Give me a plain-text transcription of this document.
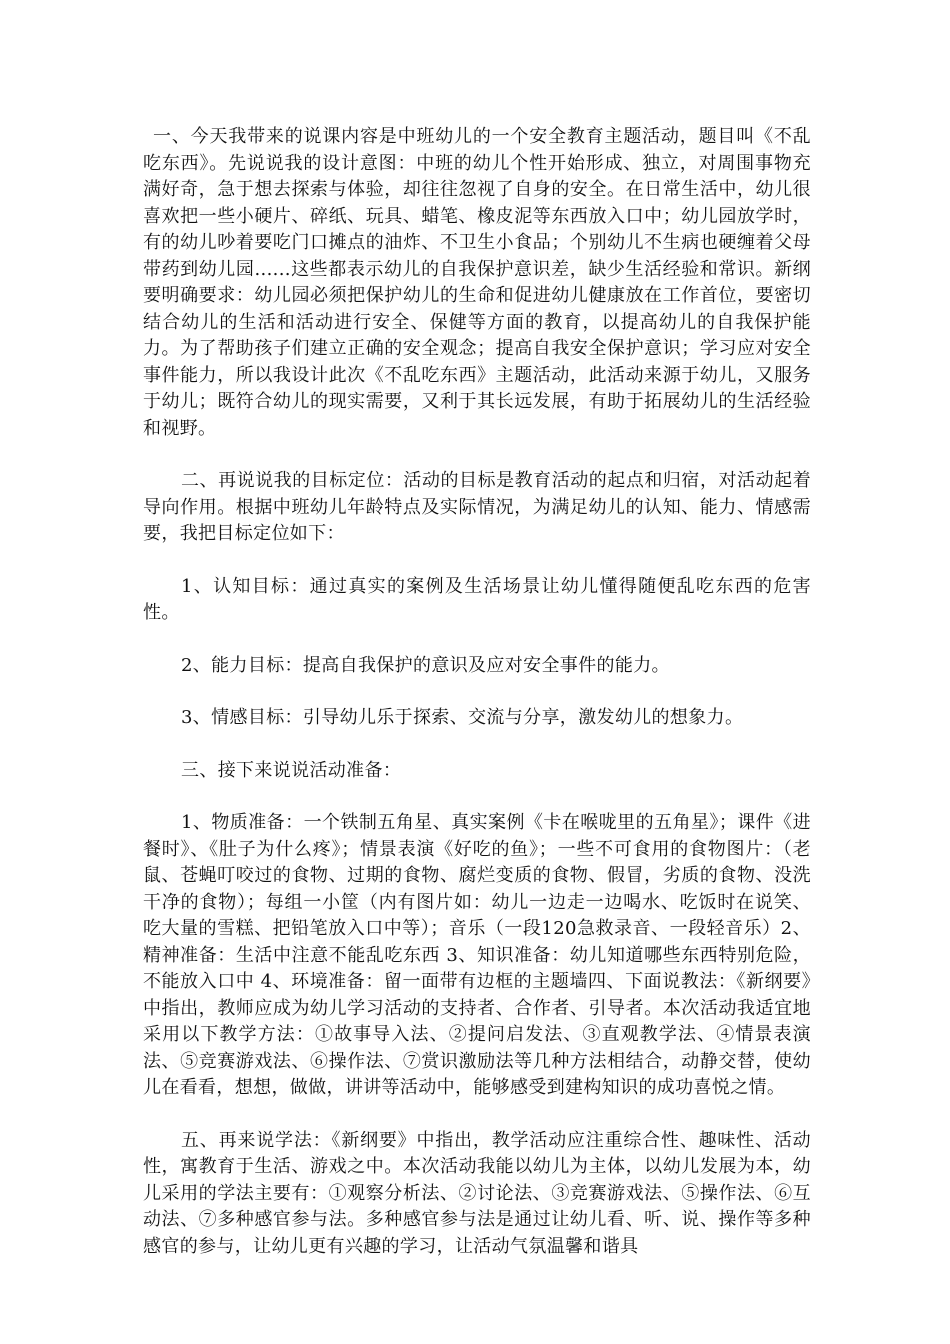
一、今天我带来的说课内容是中班幼儿的一个安全教育主题活动，题目叫《不乱吃东西》。先说说我的设计意图：中班的幼儿个性开始形成、独立，对周围事物充满好奇，急于想去探索与体验，却往往忽视了自身的安全。在日常生活中，幼儿很喜欢把一些小硬片、碎纸、玩具、蜡笔、橡皮泥等东西放入口中；幼儿园放学时，有的幼儿吵着要吃门口摊点的油炸、不卫生小食品；个别幼儿不生病也硬缠着父母带药到幼儿园......这些都表示幼儿的自我保护意识差，缺少生活经验和常识。新纲要明确要求：幼儿园必须把保护幼儿的生命和促进幼儿健康放在工作首位，要密切结合幼儿的生活和活动进行安全、保健等方面的教育，以提高幼儿的自我保护能力。为了帮助孩子们建立正确的安全观念；提高自我安全保护意识；学习应对安全事件能力，所以我设计此次《不乱吃东西》主题活动，此活动来源于幼儿，又服务于幼儿；既符合幼儿的现实需要，又利于其长远发展，有助于拓展幼儿的生活经验和视野。

二、再说说我的目标定位：活动的目标是教育活动的起点和归宿，对活动起着导向作用。根据中班幼儿年龄特点及实际情况，为满足幼儿的认知、能力、情感需要，我把目标定位如下：

1、认知目标：通过真实的案例及生活场景让幼儿懂得随便乱吃东西的危害性。

2、能力目标：提高自我保护的意识及应对安全事件的能力。

3、情感目标：引导幼儿乐于探索、交流与分享，激发幼儿的想象力。

三、接下来说说活动准备：

1、物质准备：一个铁制五角星、真实案例《卡在喉咙里的五角星》；课件《进餐时》、《肚子为什么疼》；情景表演《好吃的鱼》；一些不可食用的食物图片：（老鼠、苍蝇叮咬过的食物、过期的食物、腐烂变质的食物、假冒，劣质的食物、没洗干净的食物）；每组一小筐（内有图片如：幼儿一边走一边喝水、吃饭时在说笑、吃大量的雪糕、把铅笔放入口中等）；音乐（一段120急救录音、一段轻音乐）2、精神准备：生活中注意不能乱吃东西 3、知识准备：幼儿知道哪些东西特别危险，不能放入口中 4、环境准备：留一面带有边框的主题墙四、下面说教法：《新纲要》中指出，教师应成为幼儿学习活动的支持者、合作者、引导者。本次活动我适宜地采用以下教学方法：①故事导入法、②提问启发法、③直观教学法、④情景表演法、⑤竞赛游戏法、⑥操作法、⑦赏识激励法等几种方法相结合，动静交替，使幼儿在看看，想想，做做，讲讲等活动中，能够感受到建构知识的成功喜悦之情。

五、再来说学法：《新纲要》中指出，教学活动应注重综合性、趣味性、活动性，寓教育于生活、游戏之中。本次活动我能以幼儿为主体，以幼儿发展为本，幼儿采用的学法主要有：①观察分析法、②讨论法、③竞赛游戏法、⑤操作法、⑥互动法、⑦多种感官参与法。多种感官参与法是通过让幼儿看、听、说、操作等多种感官的参与，让幼儿更有兴趣的学习，让活动气氛温馨和谐具
